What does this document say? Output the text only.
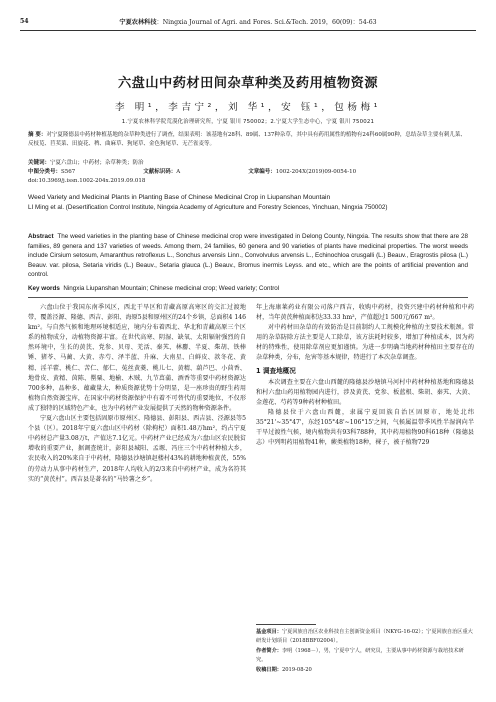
54	宁夏农林科技：Ningxia Journal of Agri. and Fores. Sci.&Tech. 2019，60(09)：54-63
六盘山中药材田间杂草种类及药用植物资源
李 明¹，李吉宁²，刘 华¹，安 钰¹，包杨梅¹
1.宁夏农林科学院荒漠化治理研究所，宁夏 银川 750002；2.宁夏大学生态中心，宁夏 银川 750021
摘 要：对宁夏隆德县中药材种植基地的杂草种类进行了调查，结果表明：该基地有28科、89属、137种杂草，其中具有药用属性的植物有24科60属90种，总结杂草主要有刺儿菜、反枝苋、苣荬菜、田旋花、稗、曲麻草、狗尾草、金色狗尾草、无芒雀麦等。
关键词：宁夏六盘山；中药材；杂草种类；防治
中图分类号：S567	文献标识码：A	文章编号：1002-204X(2019)09-0054-10
doi:10.3969/j.issn.1002-204x.2019.09.018
Weed Variety and Medicinal Plants in Planting Base of Chinese Medicinal Crop in Liupanshan Mountain
LI Ming et al. (Desertification Control Institute, Ningxia Academy of Agriculture and Forestry Sciences, Yinchuan, Ningxia 750002)
Abstract The weed varieties in the planting base of Chinese medicinal crop were investigated in Delong County, Ningxia. The results show that there are 28 families, 89 genera and 137 varieties of weeds. Among them, 24 families, 60 genera and 90 varieties of plants have medicinal properties. The worst weeds include Cirsium setosum, Amaranthus retroflexus L., Sonchus arvensis Linn., Convolvulus arvensis L., Echinochloa crusgalli (L.) Beauv., Eragrostis pilosa (L.) Beauv. var. pilosa, Setaria viridis (L.) Beauv., Setaria glauca (L.) Beauv., Bromus inermis Leyss. and etc., which are the points of artificial prevention and control.
Key words Ningxia Liupanshan Mountain; Chinese medicinal crop; Weed variety; Control

六盘山位于我国东南季风区，西北干旱区和青藏高原高寒区的交汇过渡地带，覆盖泾源、隆德、西吉、彭阳、海原5县和原州区的24个乡镇，总面积4 146 km²。与自然气候和地理环境相适应，境内分布着西北、华北和青藏高原三个区系的植物成分，动植物资源丰富。在世代高寒、阴湿、缺氧、太阳辐射强烈的自然环境中，生长的黄芪、党参、贝母、羌活、秦艽、林麝、半夏、柴胡、铁棒锤、猪苓、马蔺、大黄、赤芍、泽半蓝、升麻、大南星、白鲜皮、款冬花、黄精、淫羊藿、桃仁、苦仁、郁仁、菟丝黄菱、桃儿七、黄精、葫芦巴、小茴香、地骨皮、黄精、茵陈、罂粟、地榆、木贼、九节菖蒲、酒香等重要中药材资源达700多种，品种多、蕴藏量大，种质资源优势十分明显，是一座珍贵的野生药用植物自然资源宝库，在国家中药材资源保护中有着不可替代的重要地位，不仅形成了独特的区域特色产业，也为中药材产业发展提供了天然的物种资源条件。

宁夏六盘山区主要包括固原市原州区、隆德县、彭阳县、西吉县、泾源县等5个县（区）。2018年宁夏六盘山区中药材（除枸杞）面积1.48万hm²，约占宁夏中药材总产量3.08万t，产值达7.1亿元。中药材产业已经成为六盘山区农民脱贫增收的重要产业，据调查统计，彭阳县城阳、孟塬、冯庄三个中药材种植大乡，农民收入的20%来自于中药材，隆德县沙塘镇赵楼村43%的耕地种植黄芪，55%的劳动力从事中药材生产，2018年人均收入的2/3来自中药材产业，成为名符其实的“黄芪村”。西吉县是著名的“马铃薯之乡”。

年上海康莱药业有限公司落户西吉，收购中药材，投资兴建中药材种植和中药材，当年黄芪种植面积达33.33 hm²，产值超过1 500元/667 m²。

对中药材田杂草的有效防治是目前制约人工规模化种植的主要技术瓶颈。常用的杂草防除方法主要是人工除草，该方法耗时较多，增加了种植成本，因为药材的特殊性，使用除草剂应更加谨慎。为进一步明确当地药材种植田主要存在的杂草种类，分布，危害等基本规律，特进行了本次杂草调查。

1 调查地概况

本次调查主要在六盘山西麓的隆德县沙塘镇马河村中药材种植基地和隆德县和村六盘山药用植物园内进行，涉及黄芪、党参、板蓝根、柴胡、秦艽、大黄、金莲花、芍药等9种药材种植田。

隆德县位于六盘山西麓，隶属宁夏回族自治区固原市，地处北纬35°21'~35°47'，东经105°48'~106°15'之间，气候属温带季风性半湿润向半干旱过渡性气候，境内植物共有93科788种，其中药用植物90科618种（隆德县志）中列明药用植物41种，蕨类植物18种，裸子，被子植物729

基金项目：宁夏回族自治区农业科技自主创新资金项目（NKYG-16-02）；宁夏回族自治区重大研发计划项目（2018BBF02004）。
作者简介：李明（1968－），男，宁夏中宁人，研究员，主要从事中药材资源与栽培技术研究。
收稿日期：2019-08-20
